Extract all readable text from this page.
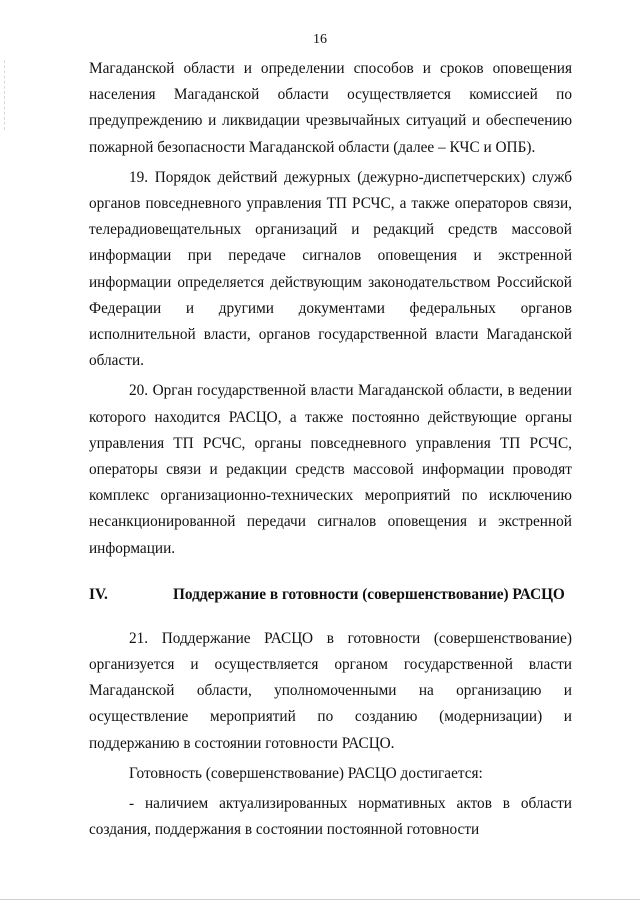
16

Магаданской области и определении способов и сроков оповещения населения Магаданской области осуществляется комиссией по предупреждению и ликвидации чрезвычайных ситуаций и обеспечению пожарной безопасности Магаданской области (далее – КЧС и ОПБ).

19. Порядок действий дежурных (дежурно-диспетчерских) служб органов повседневного управления ТП РСЧС, а также операторов связи, телерадиовещательных организаций и редакций средств массовой информации при передаче сигналов оповещения и экстренной информации определяется действующим законодательством Российской Федерации и другими документами федеральных органов исполнительной власти, органов государственной власти Магаданской области.

20. Орган государственной власти Магаданской области, в ведении которого находится РАСЦО, а также постоянно действующие органы управления ТП РСЧС, органы повседневного управления ТП РСЧС, операторы связи и редакции средств массовой информации проводят комплекс организационно-технических мероприятий по исключению несанкционированной передачи сигналов оповещения и экстренной информации.

IV.	Поддержание в готовности (совершенствование) РАСЦО

21. Поддержание РАСЦО в готовности (совершенствование) организуется и осуществляется органом государственной власти Магаданской области, уполномоченными на организацию и осуществление мероприятий по созданию (модернизации) и поддержанию в состоянии готовности РАСЦО.

Готовность (совершенствование) РАСЦО достигается:

- наличием актуализированных нормативных актов в области создания, поддержания в состоянии постоянной готовности
